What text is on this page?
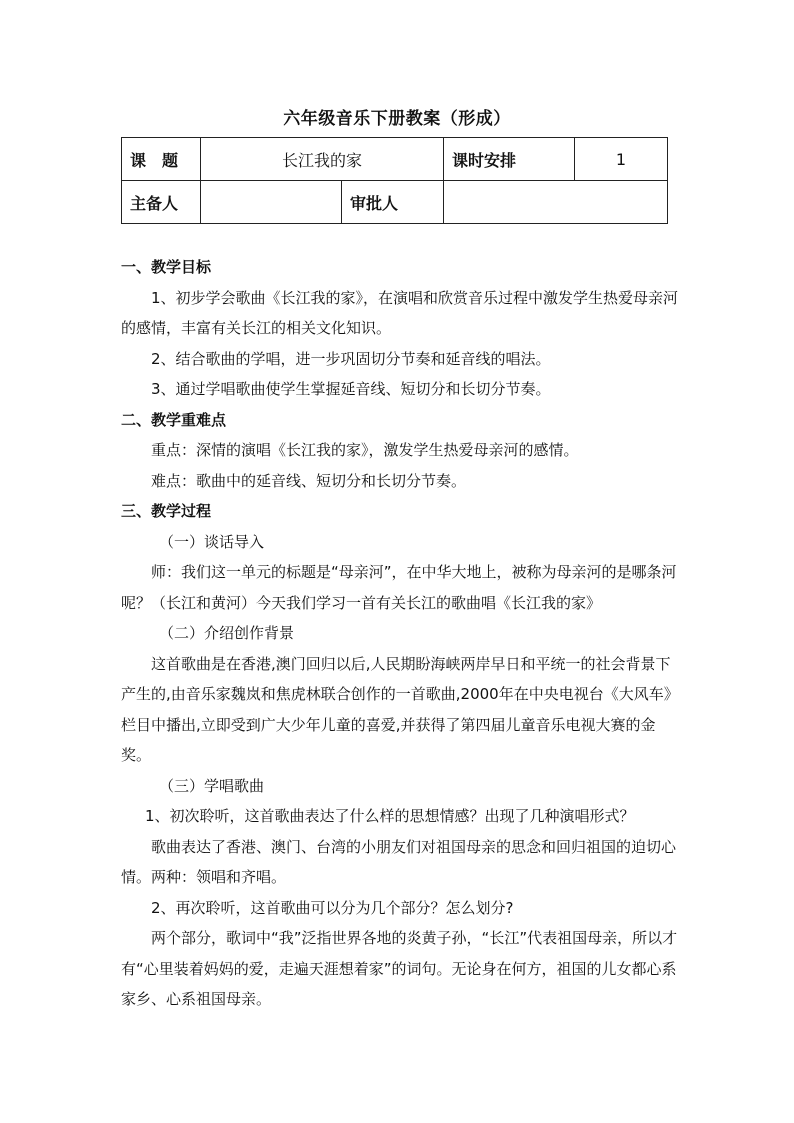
六年级音乐下册教案（形成）
课　题	长江我的家		课时安排	1
主备人		审批人		

一、教学目标

1、初步学会歌曲《长江我的家》，在演唱和欣赏音乐过程中激发学生热爱母亲河的感情，丰富有关长江的相关文化知识。

2、结合歌曲的学唱，进一步巩固切分节奏和延音线的唱法。

3、通过学唱歌曲使学生掌握延音线、短切分和长切分节奏。

二、教学重难点

重点：深情的演唱《长江我的家》，激发学生热爱母亲河的感情。

难点：歌曲中的延音线、短切分和长切分节奏。

三、教学过程

（一）谈话导入

师：我们这一单元的标题是“母亲河”，在中华大地上，被称为母亲河的是哪条河呢？（长江和黄河）今天我们学习一首有关长江的歌曲唱《长江我的家》

（二）介绍创作背景

这首歌曲是在香港,澳门回归以后,人民期盼海峡两岸早日和平统一的社会背景下产生的,由音乐家魏岚和焦虎林联合创作的一首歌曲,2000年在中央电视台《大风车》栏目中播出,立即受到广大少年儿童的喜爱,并获得了第四届儿童音乐电视大赛的金奖。

（三）学唱歌曲

1、初次聆听，这首歌曲表达了什么样的思想情感？出现了几种演唱形式？

歌曲表达了香港、澳门、台湾的小朋友们对祖国母亲的思念和回归祖国的迫切心情。两种：领唱和齐唱。

2、再次聆听，这首歌曲可以分为几个部分？怎么划分?

两个部分，歌词中“我”泛指世界各地的炎黄子孙，“长江”代表祖国母亲，所以才有“心里装着妈妈的爱，走遍天涯想着家”的词句。无论身在何方，祖国的儿女都心系家乡、心系祖国母亲。
